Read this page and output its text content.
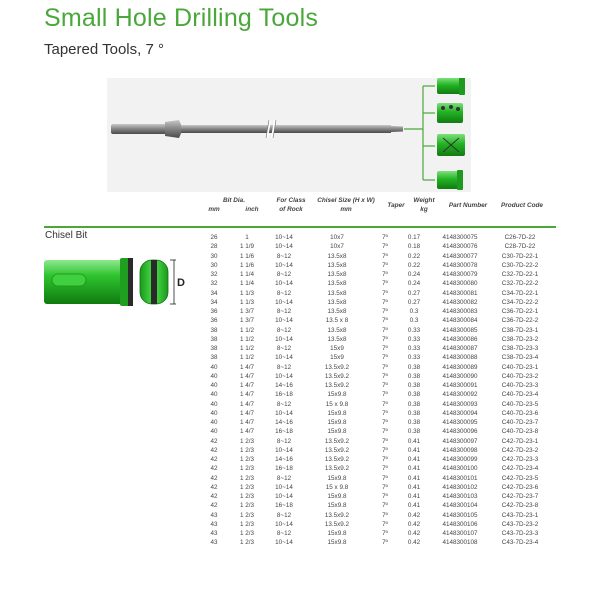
Small Hole Drilling Tools
Tapered Tools, 7 °
Bit Dia.
mm	inch
For Class
of Rock
Chisel Size (H x W)
mm
Taper
Weight
kg
Part Number	Product Code
Chisel Bit
D
26	1	10~14	10x7	7º	0.17	4148300075	C26-7D-22
28	1 1/9	10~14	10x7	7º	0.18	4148300076	C28-7D-22
30	1 1/6	8~12	13.5x8	7º	0.22	4148300077	C30-7D-22-1
30	1 1/6	10~14	13.5x8	7º	0.22	4148300078	C30-7D-22-2
32	1 1/4	8~12	13.5x8	7º	0.24	4148300079	C32-7D-22-1
32	1 1/4	10~14	13.5x8	7º	0.24	4148300080	C32-7D-22-2
34	1 1/3	8~12	13.5x8	7º	0.27	4148300081	C34-7D-22-1
34	1 1/3	10~14	13.5x8	7º	0.27	4148300082	C34-7D-22-2
36	1 3/7	8~12	13.5x8	7º	0.3	4148300083	C36-7D-22-1
36	1 3/7	10~14	13.5 x 8	7º	0.3	4148300084	C36-7D-22-2
38	1 1/2	8~12	13.5x8	7º	0.33	4148300085	C38-7D-23-1
38	1 1/2	10~14	13.5x8	7º	0.33	4148300086	C38-7D-23-2
38	1 1/2	8~12	15x9	7º	0.33	4148300087	C38-7D-23-3
38	1 1/2	10~14	15x9	7º	0.33	4148300088	C38-7D-23-4
40	1 4/7	8~12	13.5x9.2	7º	0.38	4148300089	C40-7D-23-1
40	1 4/7	10~14	13.5x9.2	7º	0.38	4148300090	C40-7D-23-2
40	1 4/7	14~16	13.5x9.2	7º	0.38	4148300091	C40-7D-23-3
40	1 4/7	16~18	15x9.8	7º	0.38	4148300092	C40-7D-23-4
40	1 4/7	8~12	15 x 9.8	7º	0.38	4148300093	C40-7D-23-5
40	1 4/7	10~14	15x9.8	7º	0.38	4148300094	C40-7D-23-6
40	1 4/7	14~16	15x9.8	7º	0.38	4148300095	C40-7D-23-7
40	1 4/7	16~18	15x9.8	7º	0.38	4148300096	C40-7D-23-8
42	1 2/3	8~12	13.5x9.2	7º	0.41	4148300097	C42-7D-23-1
42	1 2/3	10~14	13.5x9.2	7º	0.41	4148300098	C42-7D-23-2
42	1 2/3	14~16	13.5x9.2	7º	0.41	4148300099	C42-7D-23-3
42	1 2/3	16~18	13.5x9.2	7º	0.41	4148300100	C42-7D-23-4
42	1 2/3	8~12	15x9.8	7º	0.41	4148300101	C42-7D-23-5
42	1 2/3	10~14	15 x 9.8	7º	0.41	4148300102	C42-7D-23-6
42	1 2/3	10~14	15x9.8	7º	0.41	4148300103	C42-7D-23-7
42	1 2/3	16~18	15x9.8	7º	0.41	4148300104	C42-7D-23-8
43	1 2/3	8~12	13.5x9.2	7º	0.42	4148300105	C43-7D-23-1
43	1 2/3	10~14	13.5x9.2	7º	0.42	4148300106	C43-7D-23-2
43	1 2/3	8~12	15x9.8	7º	0.42	4148300107	C43-7D-23-3
43	1 2/3	10~14	15x9.8	7º	0.42	4148300108	C43-7D-23-4
